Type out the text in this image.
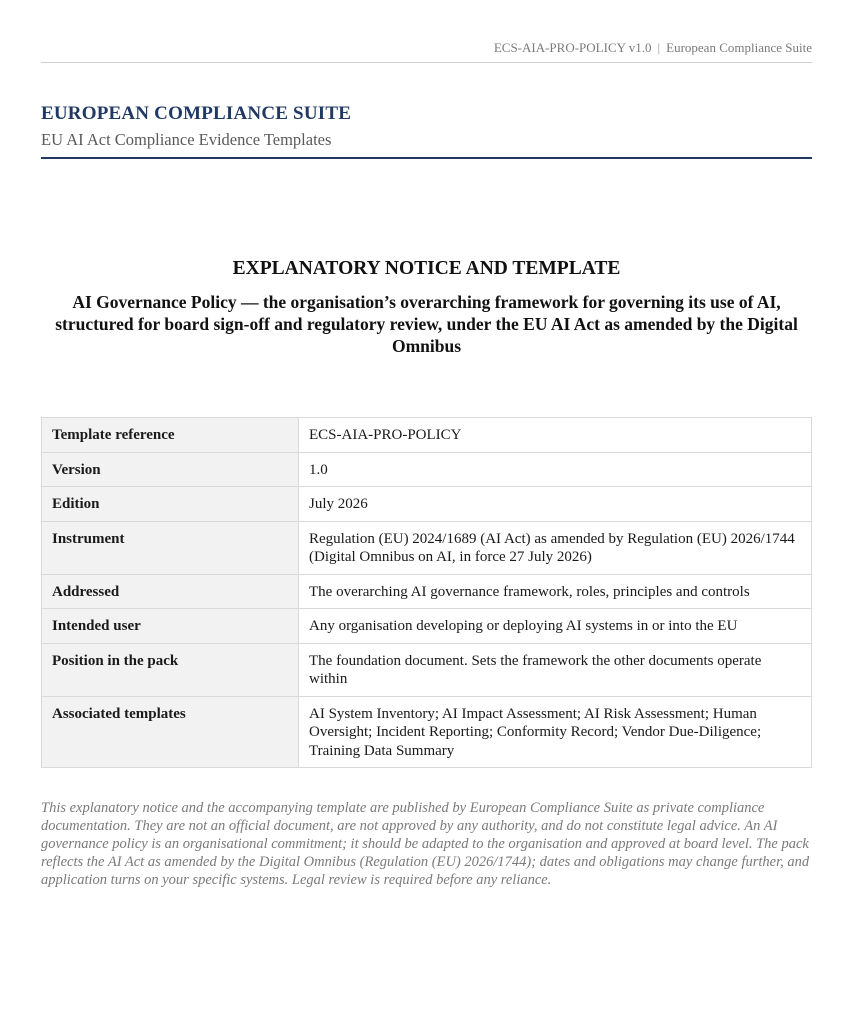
ECS-AIA-PRO-POLICY v1.0 | European Compliance Suite
EUROPEAN COMPLIANCE SUITE
EU AI Act Compliance Evidence Templates
EXPLANATORY NOTICE AND TEMPLATE
AI Governance Policy — the organisation’s overarching framework for governing its use of AI, structured for board sign-off and regulatory review, under the EU AI Act as amended by the Digital Omnibus
Template reference	ECS-AIA-PRO-POLICY
Version	1.0
Edition	July 2026
Instrument	Regulation (EU) 2024/1689 (AI Act) as amended by Regulation (EU) 2026/1744 (Digital Omnibus on AI, in force 27 July 2026)
Addressed	The overarching AI governance framework, roles, principles and controls
Intended user	Any organisation developing or deploying AI systems in or into the EU
Position in the pack	The foundation document. Sets the framework the other documents operate within
Associated templates	AI System Inventory; AI Impact Assessment; AI Risk Assessment; Human Oversight; Incident Reporting; Conformity Record; Vendor Due-Diligence; Training Data Summary
This explanatory notice and the accompanying template are published by European Compliance Suite as private compliance documentation. They are not an official document, are not approved by any authority, and do not constitute legal advice. An AI governance policy is an organisational commitment; it should be adapted to the organisation and approved at board level. The pack reflects the AI Act as amended by the Digital Omnibus (Regulation (EU) 2026/1744); dates and obligations may change further, and application turns on your specific systems. Legal review is required before any reliance.
